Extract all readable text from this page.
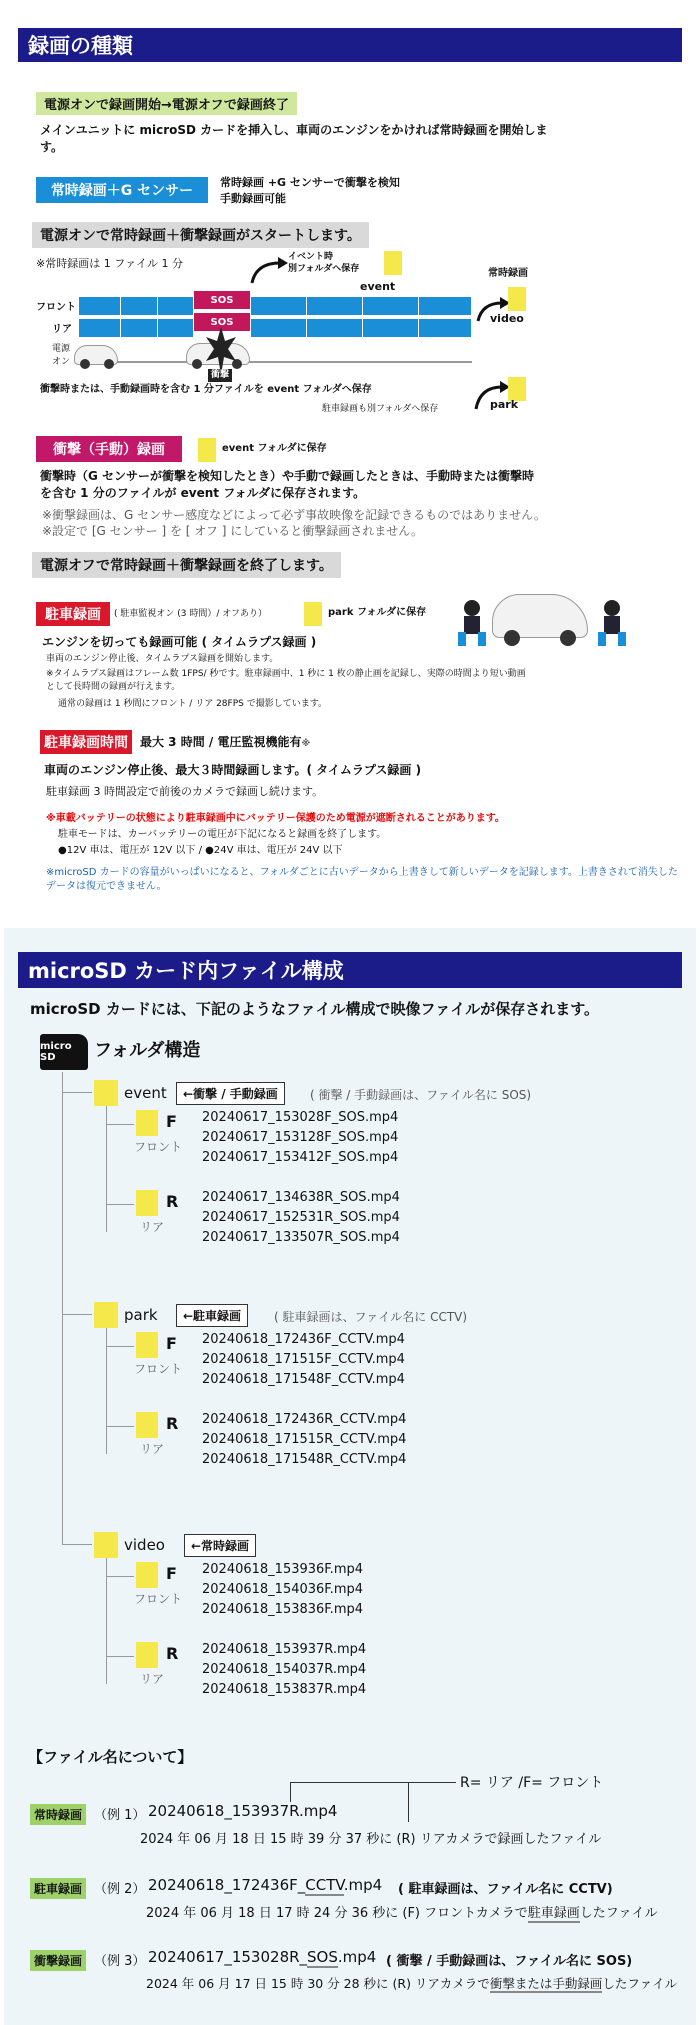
録画の種類
電源オンで録画開始→電源オフで録画終了
メインユニットに microSD カードを挿入し、車両のエンジンをかければ常時録画を開始します。
常時録画＋G センサー
常時録画 +G センサーで衝撃を検知
手動録画可能
電源オンで常時録画＋衝撃録画がスタートします。
※常時録画は 1 ファイル 1 分	イベント時
別フォルダへ保存
event
常時録画
フロント
リア
SOS
SOS	video
電源
オン
衝撃
衝撃時または、手動録画時を含む 1 分ファイルを event フォルダへ保存
駐車録画も別フォルダへ保存	park
衝撃（手動）録画	event フォルダに保存
衝撃時（G センサーが衝撃を検知したとき）や手動で録画したときは、手動時または衝撃時を含む 1 分のファイルが event フォルダに保存されます。
※衝撃録画は、G センサー感度などによって必ず事故映像を記録できるものではありません。
※設定で [G センサー ] を [ オフ ] にしていると衝撃録画されません。
電源オフで常時録画＋衝撃録画を終了します。
駐車録画	( 駐車監視オン (3 時間）/ オフあり）	park フォルダに保存
エンジンを切っても録画可能 ( タイムラプス録画 )
車両のエンジン停止後、タイムラプス録画を開始します。
※タイムラプス録画はフレーム数 1FPS/ 秒です。駐車録画中、1 秒に 1 枚の静止画を記録し、実際の時間より短い動画として長時間の録画が行えます。
通常の録画は 1 秒間にフロント / リア 28FPS で撮影しています。
駐車録画時間	最大 3 時間 / 電圧監視機能有※
車両のエンジン停止後、最大３時間録画します。( タイムラプス録画 )
駐車録画 3 時間設定で前後のカメラで録画し続けます。
※車載バッテリーの状態により駐車録画中にバッテリー保護のため電源が遮断されることがあります。
駐車モードは、カーバッテリーの電圧が下記になると録画を終了します。
●12V 車は、電圧が 12V 以下 / ●24V 車は、電圧が 24V 以下
※microSD カードの容量がいっぱいになると、フォルダごとに古いデータから上書きして新しいデータを記録します。上書きされて消失したデータは復元できません。
microSD カード内ファイル構成
microSD カードには、下記のようなファイル構成で映像ファイルが保存されます。
micro SD	フォルダ構造
event	←衝撃 / 手動録画	( 衝撃 / 手動録画は、ファイル名に SOS)
F
フロント
20240617_153028F_SOS.mp4
20240617_153128F_SOS.mp4
20240617_153412F_SOS.mp4
R
リア
20240617_134638R_SOS.mp4
20240617_152531R_SOS.mp4
20240617_133507R_SOS.mp4
park	←駐車録画	( 駐車録画は、ファイル名に CCTV)
F
フロント
20240618_172436F_CCTV.mp4
20240618_171515F_CCTV.mp4
20240618_171548F_CCTV.mp4
R
リア
20240618_172436R_CCTV.mp4
20240618_171515R_CCTV.mp4
20240618_171548R_CCTV.mp4
video	←常時録画
F
フロント
20240618_153936F.mp4
20240618_154036F.mp4
20240618_153836F.mp4
R
リア
20240618_153937R.mp4
20240618_154037R.mp4
20240618_153837R.mp4
【ファイル名について】
R= リア /F= フロント
常時録画 （例 1） 20240618_153937R.mp4
2024 年 06 月 18 日 15 時 39 分 37 秒に (R) リアカメラで録画したファイル
駐車録画 （例 2） 20240618_172436F_CCTV.mp4 ( 駐車録画は、ファイル名に CCTV)
2024 年 06 月 18 日 17 時 24 分 36 秒に (F) フロントカメラで駐車録画したファイル
衝撃録画 （例 3） 20240617_153028R_SOS.mp4 ( 衝撃 / 手動録画は、ファイル名に SOS)
2024 年 06 月 17 日 15 時 30 分 28 秒に (R) リアカメラで衝撃または手動録画したファイル
